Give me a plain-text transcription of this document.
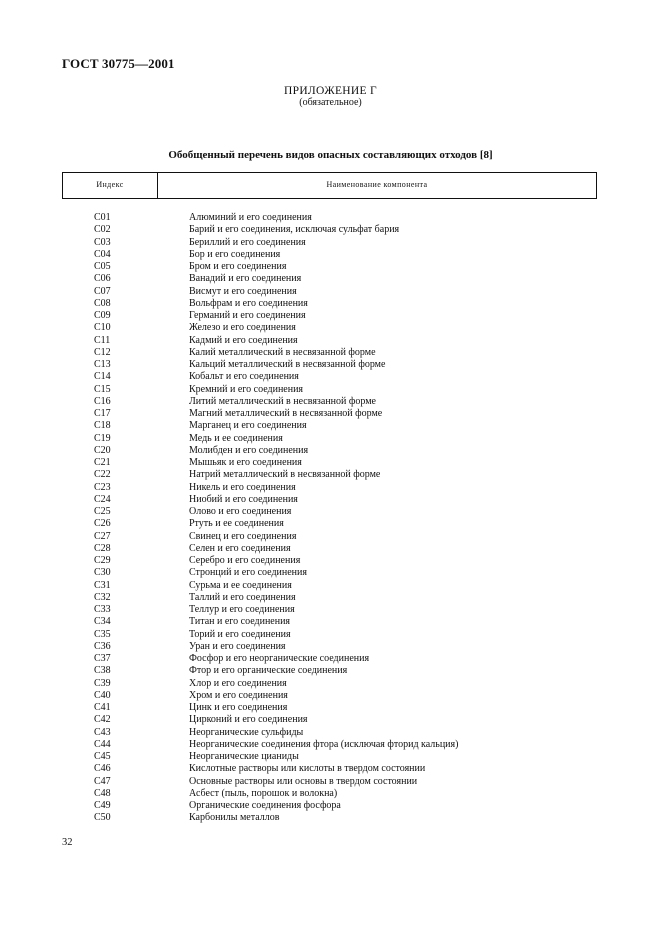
ГОСТ 30775—2001
ПРИЛОЖЕНИЕ Г
(обязательное)
Обобщенный перечень видов опасных составляющих отходов [8]
Индекс	Наименование компонента
C01	Алюминий и его соединения
C02	Барий и его соединения, исключая сульфат бария
C03	Бериллий и его соединения
C04	Бор и его соединения
C05	Бром и его соединения
C06	Ванадий и его соединения
C07	Висмут и его соединения
C08	Вольфрам и его соединения
C09	Германий и его соединения
C10	Железо и его соединения
C11	Кадмий и его соединения
C12	Калий металлический в несвязанной форме
C13	Кальций металлический в несвязанной форме
C14	Кобальт и его соединения
C15	Кремний и его соединения
C16	Литий металлический в несвязанной форме
C17	Магний металлический в несвязанной форме
C18	Марганец и его соединения
C19	Медь и ее соединения
C20	Молибден и его соединения
C21	Мышьяк и его соединения
C22	Натрий металлический в несвязанной форме
C23	Никель и его соединения
C24	Ниобий и его соединения
C25	Олово и его соединения
C26	Ртуть и ее соединения
C27	Свинец и его соединения
C28	Селен и его соединения
C29	Серебро и его соединения
C30	Стронций и его соединения
C31	Сурьма и ее соединения
C32	Таллий и его соединения
C33	Теллур и его соединения
C34	Титан и его соединения
C35	Торий и его соединения
C36	Уран и его соединения
C37	Фосфор и его неорганические соединения
C38	Фтор и его органические соединения
C39	Хлор и его соединения
C40	Хром и его соединения
C41	Цинк и его соединения
C42	Цирконий и его соединения
C43	Неорганические сульфиды
C44	Неорганические соединения фтора (исключая фторид кальция)
C45	Неорганические цианиды
C46	Кислотные растворы или кислоты в твердом состоянии
C47	Основные растворы или основы в твердом состоянии
C48	Асбест (пыль, порошок и волокна)
C49	Органические соединения фосфора
C50	Карбонилы металлов
32
